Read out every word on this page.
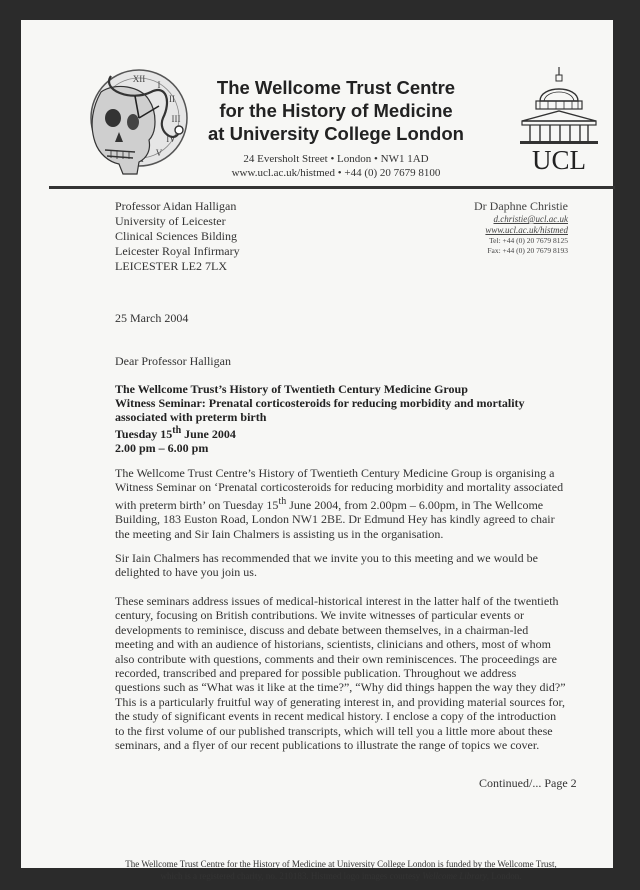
XII
I
II
III
IV
V
The Wellcome Trust Centre
for the History of Medicine
at University College London
24 Eversholt Street • London • NW1 1AD
www.ucl.ac.uk/histmed • +44 (0) 20 7679 8100	UCL
Professor Aidan Halligan
University of Leicester
Clinical Sciences Bilding
Leicester Royal Infirmary
LEICESTER LE2 7LX
Dr Daphne Christie
d.christie@ucl.ac.uk
www.ucl.ac.uk/histmed
Tel: +44 (0) 20 7679 8125
Fax: +44 (0) 20 7679 8193
25 March 2004
Dear Professor Halligan
The Wellcome Trust’s History of Twentieth Century Medicine Group
Witness Seminar: Prenatal corticosteroids for reducing morbidity and mortality
associated with preterm birth
Tuesday 15th June 2004
2.00 pm – 6.00 pm
The Wellcome Trust Centre’s History of Twentieth Century Medicine Group is organising a
Witness Seminar on ‘Prenatal corticosteroids for reducing morbidity and mortality associated
with preterm birth’ on Tuesday 15th June 2004, from 2.00pm – 6.00pm, in The Wellcome
Building, 183 Euston Road, London NW1 2BE. Dr Edmund Hey has kindly agreed to chair
the meeting and Sir Iain Chalmers is assisting us in the organisation.
Sir Iain Chalmers has recommended that we invite you to this meeting and we would be
delighted to have you join us.
These seminars address issues of medical-historical interest in the latter half of the twentieth
century, focusing on British contributions. We invite witnesses of particular events or
developments to reminisce, discuss and debate between themselves, in a chairman-led
meeting and with an audience of historians, scientists, clinicians and others, most of whom
also contribute with questions, comments and their own reminiscences. The proceedings are
recorded, transcribed and prepared for possible publication. Throughout we address
questions such as “What was it like at the time?”, “Why did things happen the way they did?”
This is a particularly fruitful way of generating interest in, and providing material sources for,
the study of significant events in recent medical history. I enclose a copy of the introduction
to the first volume of our published transcripts, which will tell you a little more about these
seminars, and a flyer of our recent publications to illustrate the range of topics we cover.
Continued/... Page 2
The Wellcome Trust Centre for the History of Medicine at University College London is funded by the Wellcome Trust,
which is a registered charity, no. 210183. Histmed logo images courtesy Wellcome Library, London.
